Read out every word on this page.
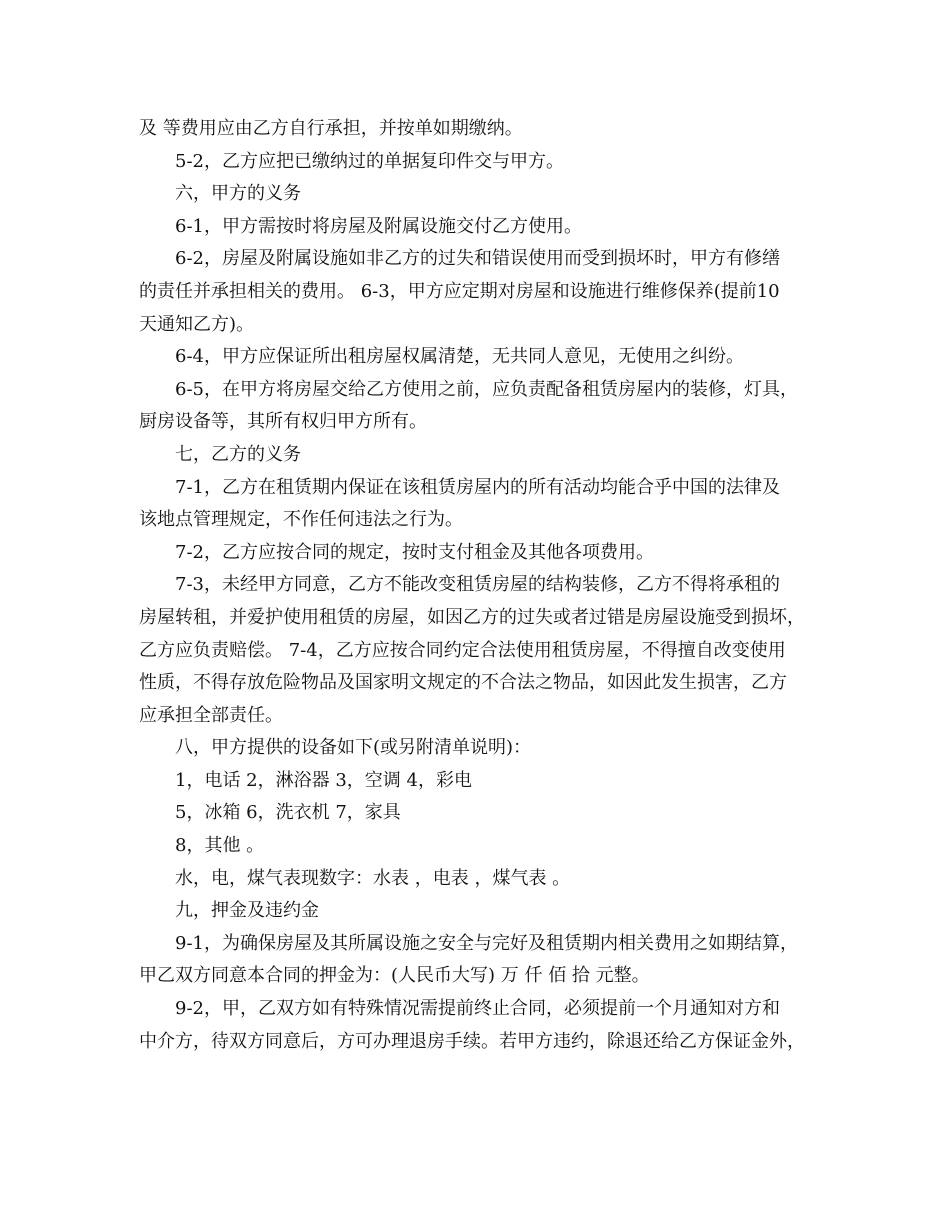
及 等费用应由乙方自行承担，并按单如期缴纳。
5-2，乙方应把已缴纳过的单据复印件交与甲方。
六，甲方的义务
6-1，甲方需按时将房屋及附属设施交付乙方使用。
6-2，房屋及附属设施如非乙方的过失和错误使用而受到损坏时，甲方有修缮
的责任并承担相关的费用。 6-3，甲方应定期对房屋和设施进行维修保养(提前10
天通知乙方)。
6-4，甲方应保证所出租房屋权属清楚，无共同人意见，无使用之纠纷。
6-5，在甲方将房屋交给乙方使用之前，应负责配备租赁房屋内的装修，灯具，
厨房设备等，其所有权归甲方所有。
七，乙方的义务
7-1，乙方在租赁期内保证在该租赁房屋内的所有活动均能合乎中国的法律及
该地点管理规定，不作任何违法之行为。
7-2，乙方应按合同的规定，按时支付租金及其他各项费用。
7-3，未经甲方同意，乙方不能改变租赁房屋的结构装修，乙方不得将承租的
房屋转租，并爱护使用租赁的房屋，如因乙方的过失或者过错是房屋设施受到损坏，
乙方应负责赔偿。 7-4，乙方应按合同约定合法使用租赁房屋，不得擅自改变使用
性质，不得存放危险物品及国家明文规定的不合法之物品，如因此发生损害，乙方
应承担全部责任。
八，甲方提供的设备如下(或另附清单说明)：
1，电话 2，淋浴器 3，空调 4，彩电
5，冰箱 6，洗衣机 7，家具
8，其他 。
水，电，煤气表现数字：水表 ，电表 ，煤气表 。
九，押金及违约金
9-1，为确保房屋及其所属设施之安全与完好及租赁期内相关费用之如期结算，
甲乙双方同意本合同的押金为：(人民币大写) 万 仟 佰 拾 元整。
9-2，甲，乙双方如有特殊情况需提前终止合同，必须提前一个月通知对方和
中介方，待双方同意后，方可办理退房手续。若甲方违约，除退还给乙方保证金外，
